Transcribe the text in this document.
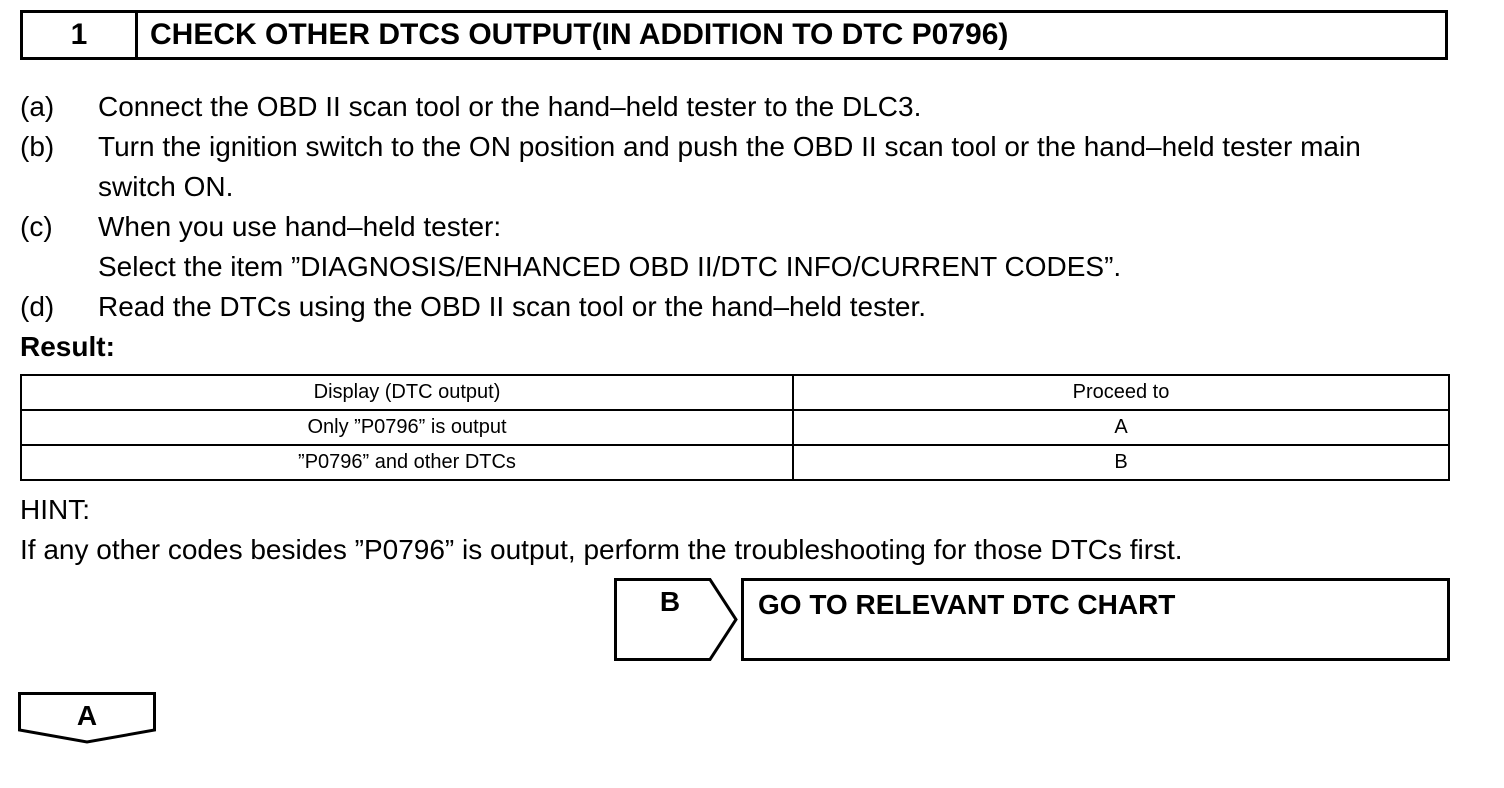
1	CHECK OTHER DTCS OUTPUT(IN ADDITION TO DTC P0796)
(a)	Connect the OBD II scan tool or the hand–held tester to the DLC3.
(b)	Turn the ignition switch to the ON position and push the OBD II scan tool or the hand–held tester main
switch ON.
(c)	When you use hand–held tester:
Select the item ”DIAGNOSIS/ENHANCED OBD II/DTC INFO/CURRENT CODES”.
(d)	Read the DTCs using the OBD II scan tool or the hand–held tester.
Result:
Display (DTC output)	Proceed to
Only ”P0796” is output	A
”P0796” and other DTCs	B
HINT:
If any other codes besides ”P0796” is output, perform the troubleshooting for those DTCs first.
B	GO TO RELEVANT DTC CHART
A
